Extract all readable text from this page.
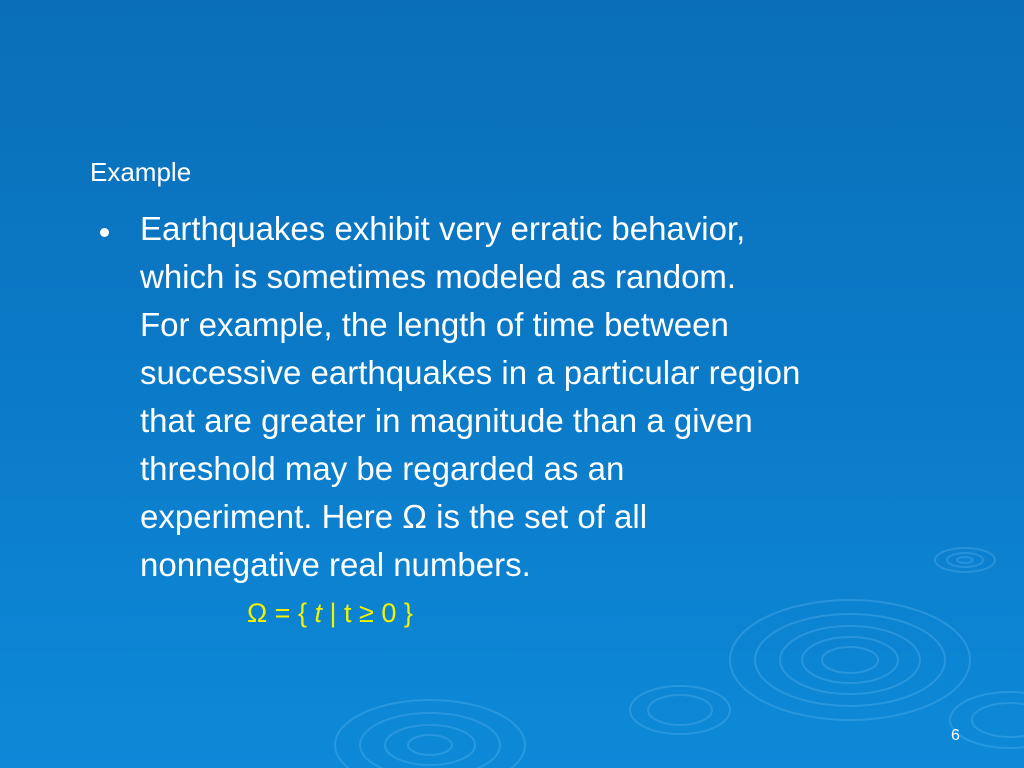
Example
Earthquakes exhibit very erratic behavior,
which is sometimes modeled as random.
For example, the length of time between
successive earthquakes in a particular region
that are greater in magnitude than a given
threshold may be regarded as an
experiment. Here Ω is the set of all
nonnegative real numbers.
Ω = { t | t ≥ 0 }
6
